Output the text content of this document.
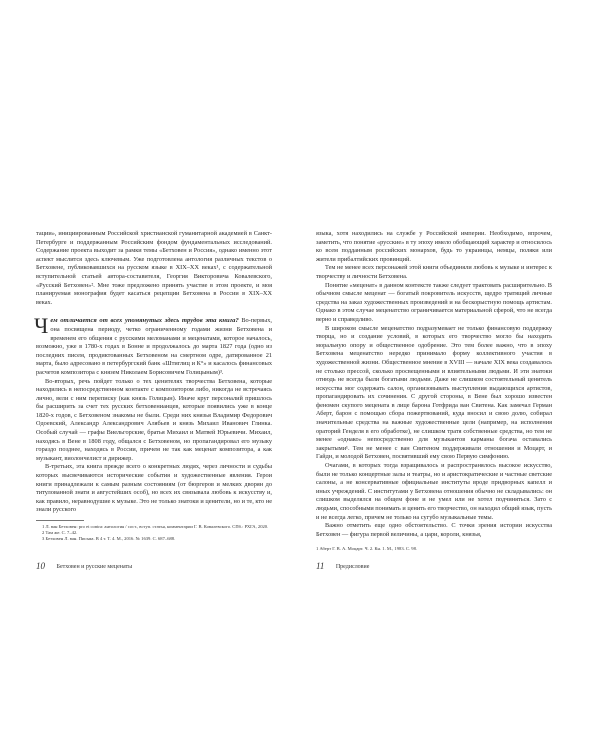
тации», инициированным Российской христианской гуманитарной академией в Санкт-Петербурге и поддержанным Российским фондом фундаментальных исследований. Содержание проекта выходит за рамки темы «Бетховен и Россия», однако именно этот аспект мыслится здесь ключевым. Уже подготовлена антология различных текстов о Бетховене, публиковавшихся на русском языке в XIX–XX веках¹, с содержательной вступительной статьей автора-составителя, Георгия Викторовича Ковалевского, «Русский Бетховен»². Мне тоже предложено принять участие в этом проекте, и моя планируемая монография будет касаться рецепции Бетховена в России в XIX–XX веках.

Чем отличается от всех упомянутых здесь трудов эта книга? Во-первых, она посвящена периоду, четко ограниченному годами жизни Бетховена и временем его общения с русскими меломанами и меценатами, которое началось, возможно, уже в 1780-х годах в Бонне и продолжалось до марта 1827 года (одно из последних писем, продиктованных Бетховеном на смертном одре, датированное 21 марта, было адресовано в петербургский банк «Штиглиц и К°» и касалось финансовых расчетов композитора с князем Николаем Борисовичем Голицыным)³.

Во-вторых, речь пойдет только о тех ценителях творчества Бетховена, которые находились в непосредственном контакте с композитором либо, никогда не встречаясь лично, вели с ним переписку (как князь Голицын). Иначе круг персоналий пришлось бы расширить за счет тех русских бетховенианцев, которые появились уже в конце 1820-х годов, с Бетховеном знакомы не были. Среди них князья Владимир Федорович Одоевский, Александр Александрович Алябьев и князь Михаил Иванович Глинка. Особый случай — графы Виельгорские, братья Михаил и Матвей Юрьевичи. Михаил, находясь в Вене в 1808 году, общался с Бетховеном, но пропагандировал его музыку гораздо позднее, находясь в России, причем не так как меценат композитора, а как музыкант, виолончелист и дирижер.

В-третьих, эта книга прежде всего о конкретных людях, через личности и судьбы которых высвечиваются исторические события и художественные явления. Герои книги принадлежали к самым разным состояниям (от бюргеров и мелких дворян до титулованной знати и августейших особ), но всех их связывала любовь к искусству и, как правило, неравнодушие к музыке. Это не только знатоки и ценители, но и те, кто не знали русского

1 Л. ван Бетховен: pro et contra: антология / сост., вступ. статья, комментарии Г. В. Ковалевского. СПб.: РХГА, 2020.

2 Там же. С. 7–42.

3 Бетховен Л. ван. Письма. В 4 т. Т. 4. М., 2016. № 1639. С. 687–688.

10 Бетховен и русские меценаты

языка, хотя находились на службе у Российской империи. Необходимо, впрочем, заметить, что понятие «русские» в ту эпоху имело обобщающий характер и относилось ко всем подданным российских монархов, будь то украинцы, немцы, поляки или жители прибалтийских провинций.

Тем не менее всех персонажей этой книги объединяли любовь к музыке и интерес к творчеству и личности Бетховена.

Понятие «меценат» в данном контексте также следует трактовать расширительно. В обычном смысле меценат — богатый покровитель искусств, щедро тратящий личные средства на заказ художественных произведений и на бескорыстную помощь артистам. Однако в этом случае меценатство ограничивается материальной сферой, что не всегда верно и справедливо.

В широком смысле меценатство подразумевает не только финансовую поддержку творца, но и создание условий, в которых его творчество могло бы находить моральную опору и общественное одобрение. Это тем более важно, что в эпоху Бетховена меценатство нередко принимало форму коллективного участия в художественной жизни. Общественное мнение в XVIII — начале XIX века создавалось не столько прессой, сколько просвещенными и влиятельными людьми. И эти знатоки отнюдь не всегда были богатыми людьми. Даже не слишком состоятельный ценитель искусства мог содержать салон, организовывать выступления выдающихся артистов, пропагандировать их сочинения. С другой стороны, в Вене был хорошо известен феномен скупого мецената в лице барона Готфрида ван Свитена. Как замечал Герман Аберт, барон с помощью сбора пожертвований, куда вносил и свою долю, собирал значительные средства на важные художественные цели (например, на исполнения ораторий Генделя в его обработке), не слишком тратя собственные средства, но тем не менее «однако» непосредственно для музыкантов карманы богача оставались закрытыми¹. Тем не менее с ван Свитеном поддерживали отношения и Моцарт, и Гайдн, и молодой Бетховен, посвятивший ему свою Первую симфонию.

Очагами, в которых тогда взращивалось и распространялось высокое искусство, были не только концертные залы и театры, но и аристократические и частные светские салоны, а не консервативные официальные институты вроде придворных капелл и иных учреждений. С институтами у Бетховена отношения обычно не складывались: он слишком выделялся на общем фоне и не умел или не хотел подчиняться. Зато с людьми, способными понимать и ценить его творчество, он находил общий язык, пусть и не всегда легко, причем не только на сугубо музыкальные темы.

Важно отметить еще одно обстоятельство. С точки зрения истории искусства Бетховен — фигура первой величины, а цари, короли, князья,

1 Аберт Г. В. А. Моцарт. Ч. 2. Кн. 1. М., 1983. С. 98.

11 Предисловие
